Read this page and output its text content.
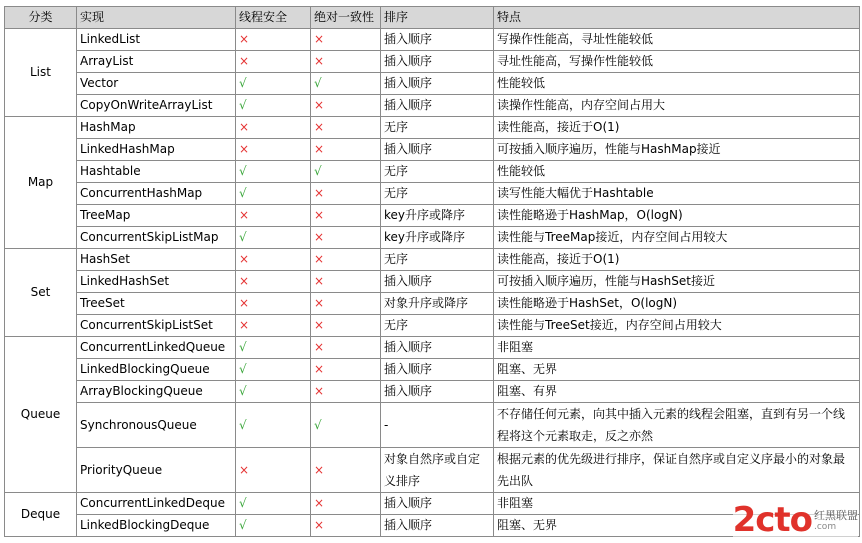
分类	实现	线程安全	绝对一致性	排序	特点
List	LinkedList	×	×	插入顺序	写操作性能高，寻址性能较低
	ArrayList	×	×	插入顺序	寻址性能高，写操作性能较低
	Vector	√	√	插入顺序	性能较低
	CopyOnWriteArrayList	√	×	插入顺序	读操作性能高，内存空间占用大
Map	HashMap	×	×	无序	读性能高，接近于O(1)
	LinkedHashMap	×	×	插入顺序	可按插入顺序遍历，性能与HashMap接近
	Hashtable	√	√	无序	性能较低
	ConcurrentHashMap	√	×	无序	读写性能大幅优于Hashtable
	TreeMap	×	×	key升序或降序	读性能略逊于HashMap，O(logN)
	ConcurrentSkipListMap	√	×	key升序或降序	读性能与TreeMap接近，内存空间占用较大
Set	HashSet	×	×	无序	读性能高，接近于O(1)
	LinkedHashSet	×	×	插入顺序	可按插入顺序遍历，性能与HashSet接近
	TreeSet	×	×	对象升序或降序	读性能略逊于HashSet，O(logN)
	ConcurrentSkipListSet	×	×	无序	读性能与TreeSet接近，内存空间占用较大
Queue	ConcurrentLinkedQueue	√	×	插入顺序	非阻塞
	LinkedBlockingQueue	√	×	插入顺序	阻塞、无界
	ArrayBlockingQueue	√	×	插入顺序	阻塞、有界
	SynchronousQueue	√	√	-	不存储任何元素，向其中插入元素的线程会阻塞，直到有另一个线程将这个元素取走，反之亦然
	PriorityQueue	×	×	对象自然序或自定义排序	根据元素的优先级进行排序，保证自然序或自定义序最小的对象最先出队
Deque	ConcurrentLinkedDeque	√	×	插入顺序	非阻塞
	LinkedBlockingDeque	√	×	插入顺序	阻塞、无界	2cto 红黑联盟
.com
